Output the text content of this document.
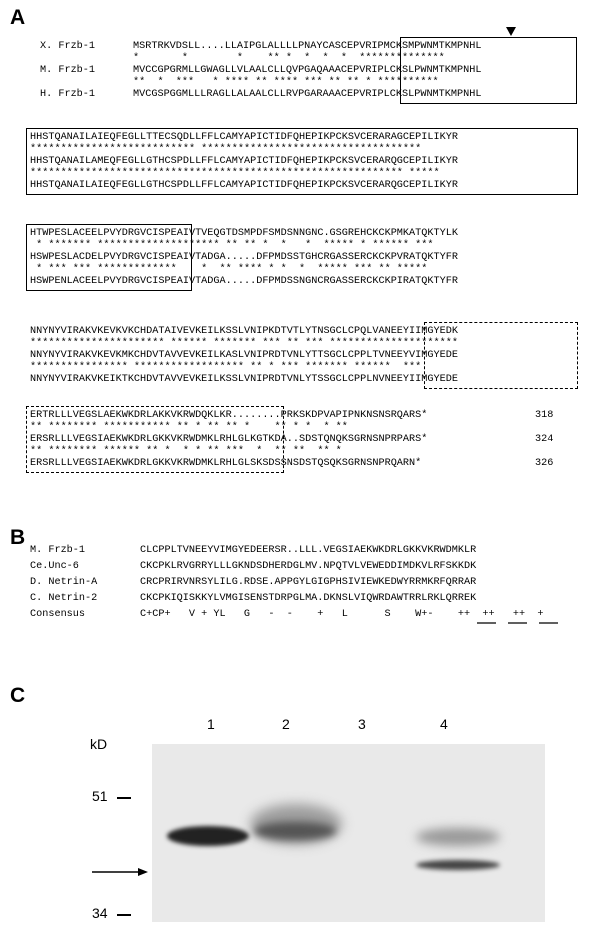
A
B
C
X. Frzb-1	MSRTRKVDSLL....LLAIPGLALLLLPNAYCASCEPVRIPMCKSMPWNMTKMPNHL
*       *        *    ** *  *  *  *  **************
M. Frzb-1	MVCCGPGRMLLGWAGLLVLAALCLLQVPGAQAAACEPVRIPLCKSLPWNMTKMPNHL
**  *  ***   * **** ** **** *** ** ** * **********
H. Frzb-1	MVCGSPGGMLLLRAGLLALAALCLLRVPGARAAACEPVRIPLCKSLPWNMTKMPNHL
HHSTQANAILAIEQFEGLLTTECSQDLLFFLCAMYAPICTIDFQHEPIKPCKSVCERARAGCEPILIKYR
*************************** ************************************
HHSTQANAILAMEQFEGLLGTHCSPDLLFFLCAMYAPICTIDFQHEPIKPCKSVCERARQGCEPILIKYR
************************************************************* *****
HHSTQANAILAIEQFEGLLGTHCSPDLLFFLCAMYAPICTIDFQHEPIKPCKSVCERARQGCEPILIKYR
HTWPESLACEELPVYDRGVCISPEAIVTVEQGTDSMPDFSMDSNNGNC.GSGREHCKCKPMKATQKTYLK
* ******* ******************** ** ** *  *   *  ***** * ****** ***
HSWPESLACDELPVYDRGVCISPEAIVTADGA.....DFPMDSSTGHCRGASSERCKCKPVRATQKTYFR
* *** *** *************    *  ** **** * *  *  ***** *** ** *****
HSWPENLACEELPVYDRGVCISPEAIVTADGA.....DFPMDSSNGNCRGASSERCKCKPIRATQKTYFR
NNYNYVIRAKVKEVKVKCHDATAIVEVKEILKSSLVNIPKDTVTLYTNSGCLCPQLVANEEYIIMGYEDK
********************** ****** ******* *** ** *** *********************
NNYNYVIRAKVKEVKMKCHDVTAVVEVKEILKASLVNIPRDTVNLYTTSGCLCPPLTVNEEYVIMGYEDE
**************** ****************** ** * *** ******* ******  ***
NNYNYVIRAKVKEIKTKCHDVTAVVEVKEILKSSLVNIPRDTVNLYTSSGCLCPPLNVNEEYIIMGYEDE
ERTRLLLVEGSLAEKWKDRLAKKVKRWDQKLKR........PRKSKDPVAPIPNKNSNSRQARS*	318
** ******** *********** ** * ** ** *    ** * *  * **
ERSRLLLVEGSIAEKWKDRLGKKVKRWDMKLRHLGLKGTKDA..SDSTQNQKSGRNSNPRPARS*	324
** ******** ****** ** *  * * ** ***  *  ** **  ** *
ERSRLLLVEGSIAEKWKDRLGKKVKRWDMKLRHLGLSKSDSSNSDSTQSQKSGRNSNPRQARN*	326
M. Frzb-1	CLCPPLTVNEEYVIMGYEDEERSR..LLL.VEGSIAEKWKDRLGKKVKRWDMKLR
Ce.Unc-6	CKCPKLRVGRRYLLLGKNDSDHERDGLMV.NPQTVLVEWEDDIMDKVLRFSKKDK
D. Netrin-A	CRCPRIRVNRSYLILG.RDSE.APPGYLGIGPHSIVIEWKEDWYRRMKRFQRRAR
C. Netrin-2	CKCPKIQISKKYLVMGISENSTDRPGLMA.DKNSLVIQWRDAWTRRLRKLQRREK
Consensus	C+CP+   V + YL   G   -  -    +   L      S    W+-    ++  ++   ++  +
1	2	3	4
kD
51
34
